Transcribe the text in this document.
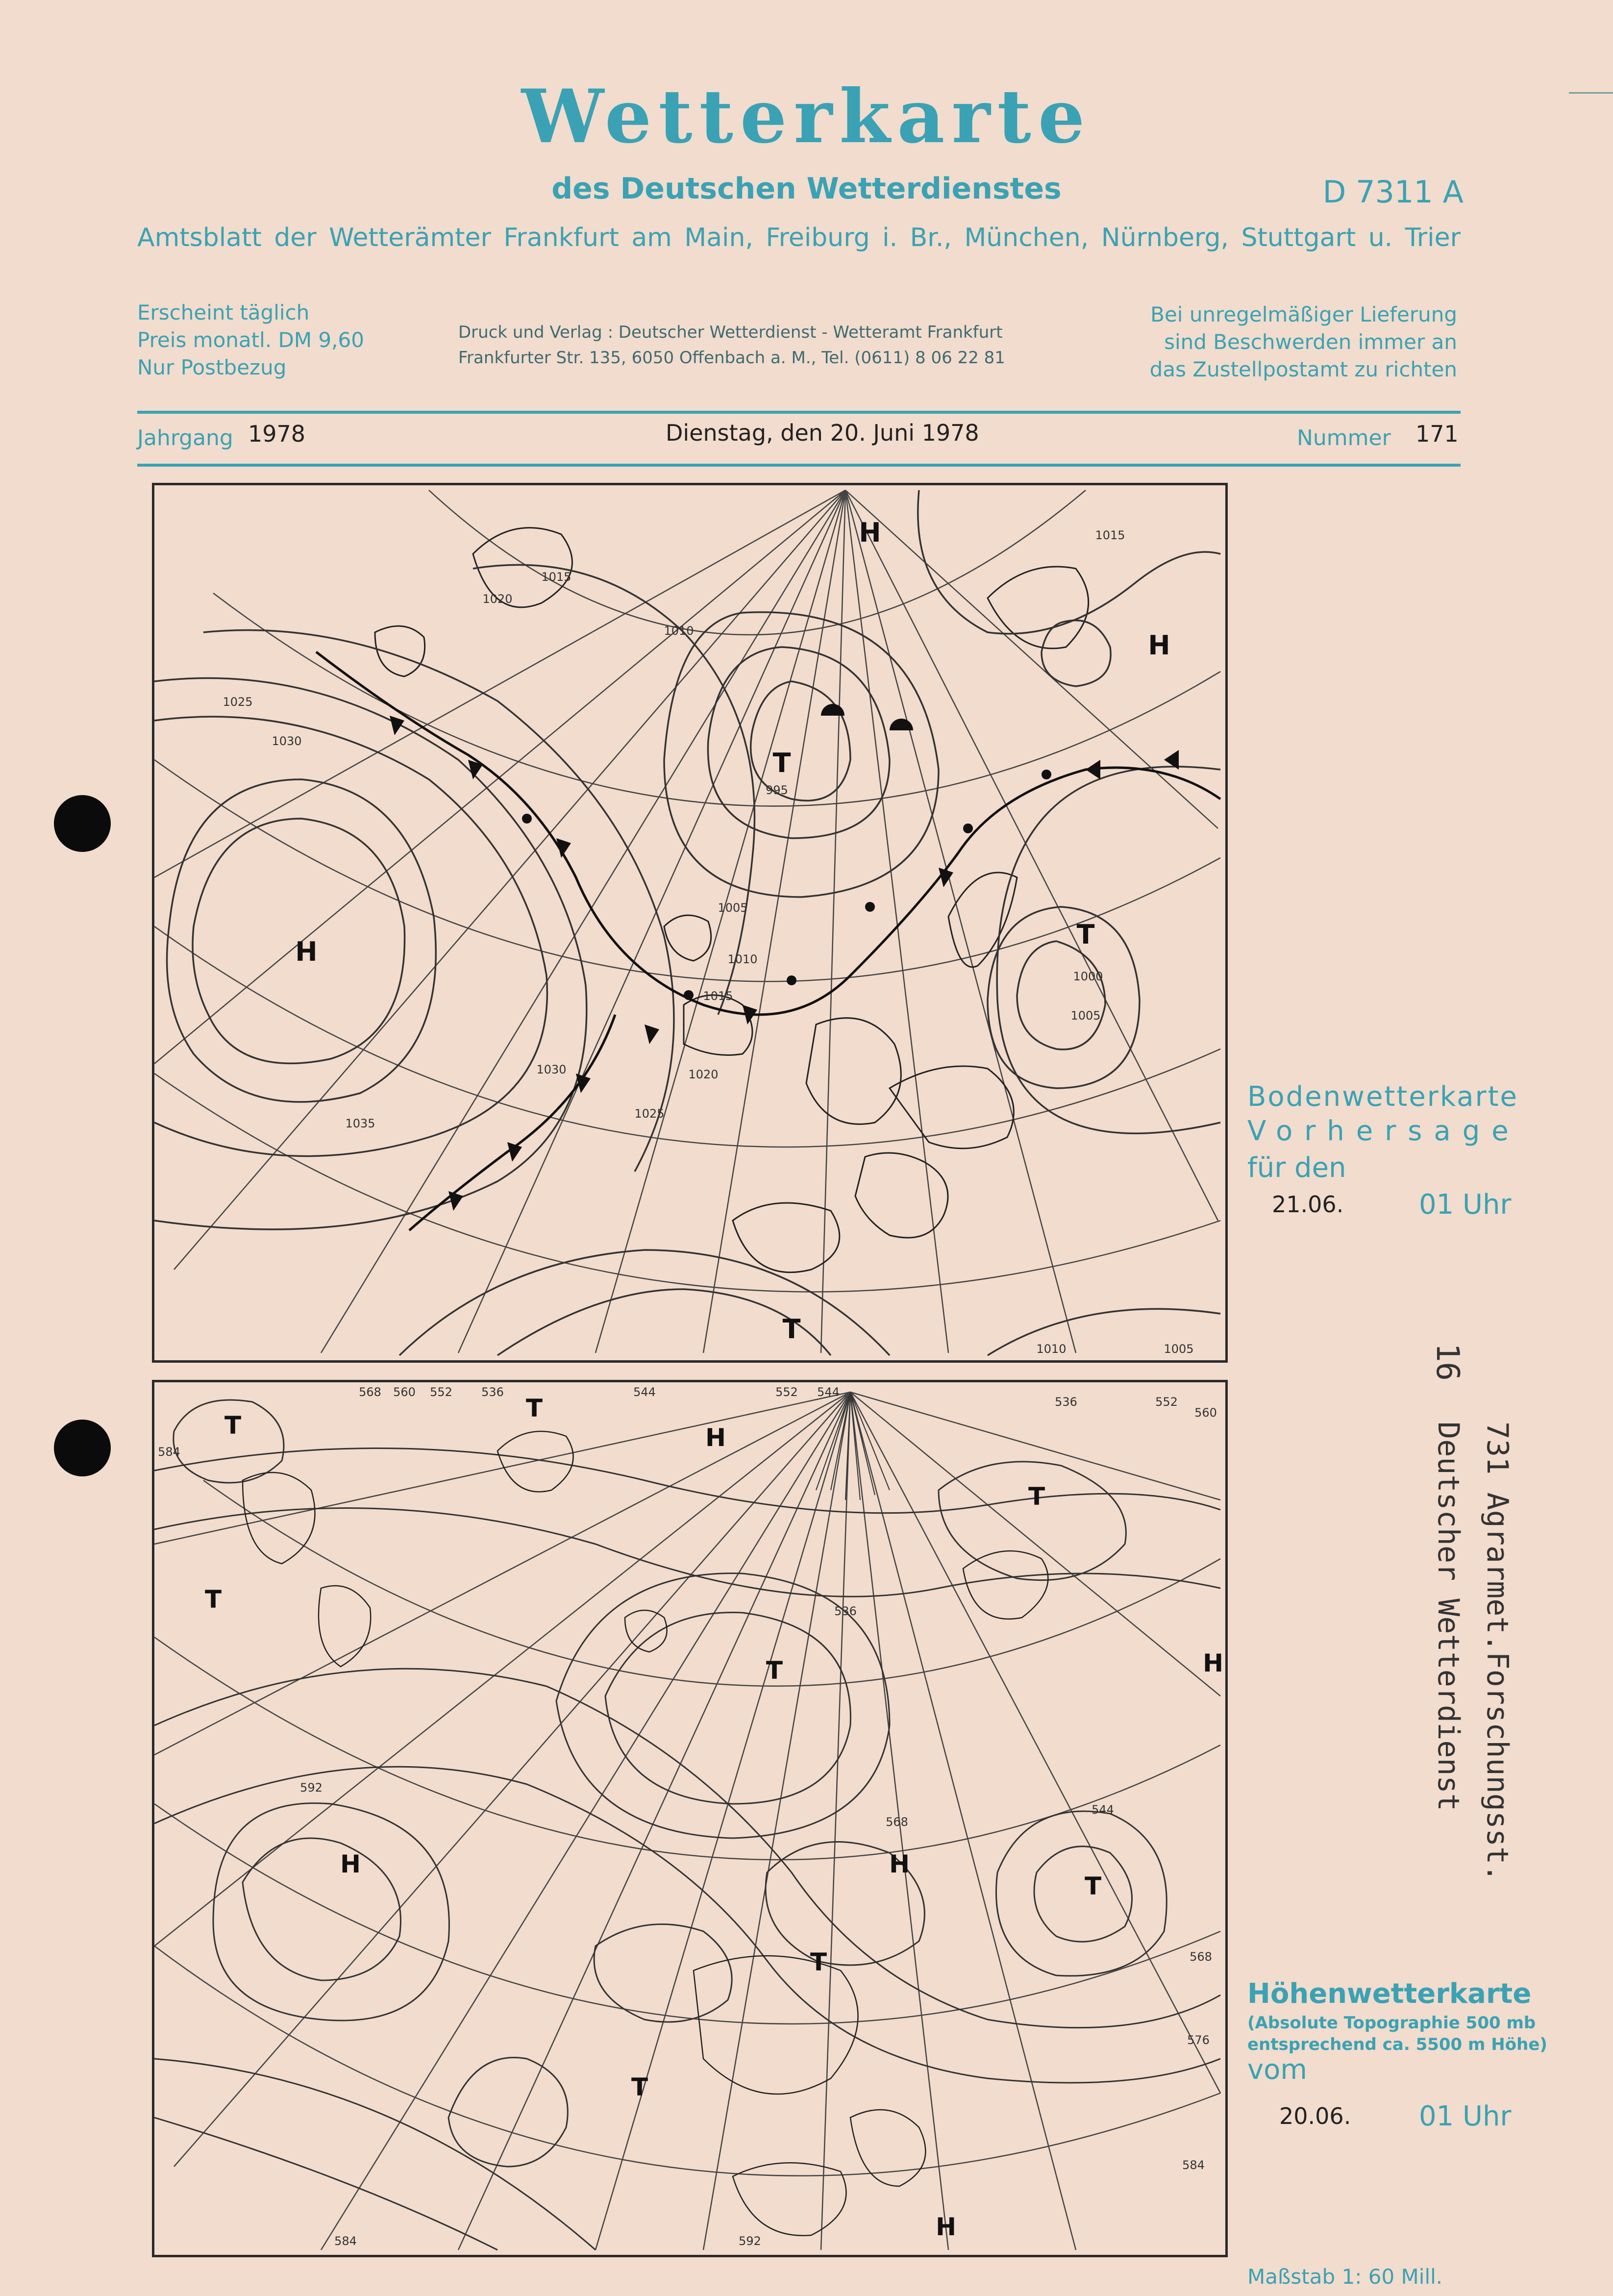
Wetterkarte
des Deutschen Wetterdienstes	D 7311 A
Amtsblatt der Wetterämter Frankfurt am Main, Freiburg i. Br., München, Nürnberg, Stuttgart u. Trier
Erscheint täglich
Preis monatl. DM 9,60
Nur Postbezug
Druck und Verlag : Deutscher Wetterdienst - Wetteramt Frankfurt
Frankfurter Str. 135, 6050 Offenbach a. M., Tel. (0611) 8 06 22 81
Bei unregelmäßiger Lieferung
sind Beschwerden immer an
das Zustellpostamt zu richten
Jahrgang 1978	Dienstag, den 20. Juni 1978	Nummer 171
H
H
H
T
T
T
1035
1030
1030
1025
1025
1020
1020
1015
1015
1010
1010
1005
1005
1000
995
1015
1010	1005
Bodenwetterkarte
Vorhersage
für den
21.06.	01 Uhr
T	H
T
T
T
H
H
T
T
T
H
H
T
568 560 552 536	544	552 544
536	552
560
584
592
536
568
544
568
576
584
584	592
Höhenwetterkarte
(Absolute Topographie 500 mb
entsprechend ca. 5500 m Höhe)
vom
20.06. 01 Uhr
Maßstab 1: 60 Mill.
16
Deutscher Wetterdienst 731 Agrarmet.Forschungsst.
